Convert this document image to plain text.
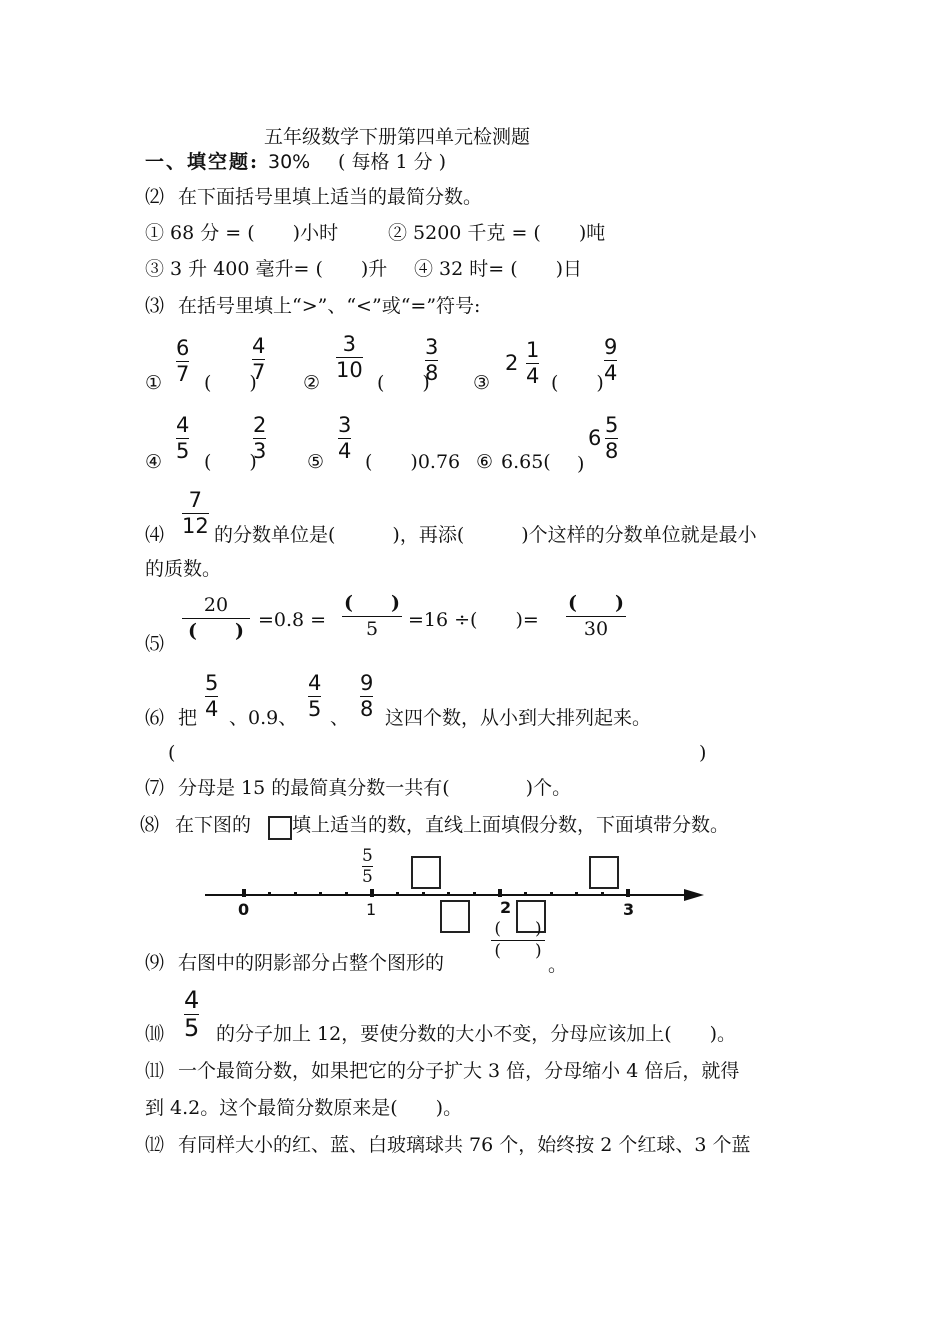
五年级数学下册第四单元检测题
一、填空题: 30% ( 每格 1 分 )
⑵ 在下面括号里填上适当的最简分数。
① 68 分 = (　　)小时	② 5200 千克 = (　　)吨
③ 3 升 400 毫升= (　　)升 ④ 32 时= (　　)日
⑶ 在括号里填上“>”、“<”或“=”符号:
①
6
7 (　　)
4
7 ②
3
10
(　　)
3
8 ③
2
1
4 (　　)
9
4
④
4
5 (　　)
2
3 ⑤
3
4 (　　)0.76 ⑥ 6.65( )
6
5
8
7
12
⑷	的分数单位是(　　　)，再添(　　　)个这样的分数单位就是最小
的质数。
⑸
20
(　　) =0.8 =
(　　)
5 =16 ÷(　　)=
(　　)
30
⑹ 把
5
4 、0.9、
4
5 、
9
8 这四个数，从小到大排列起来。
(	)
⑺ 分母是 15 的最简真分数一共有(　　　　)个。
⑻ 在下图的 填上适当的数，直线上面填假分数，下面填带分数。
0	1	2	3
5
5
⑼ 右图中的阴影部分占整个图形的
(　　)
(　　)
。
4
5
⑽	的分子加上 12，要使分数的大小不变，分母应该加上(　　)。
⑾ 一个最简分数，如果把它的分子扩大 3 倍，分母缩小 4 倍后，就得
到 4.2。这个最简分数原来是(　　)。
⑿ 有同样大小的红、蓝、白玻璃球共 76 个，始终按 2 个红球、3 个蓝
